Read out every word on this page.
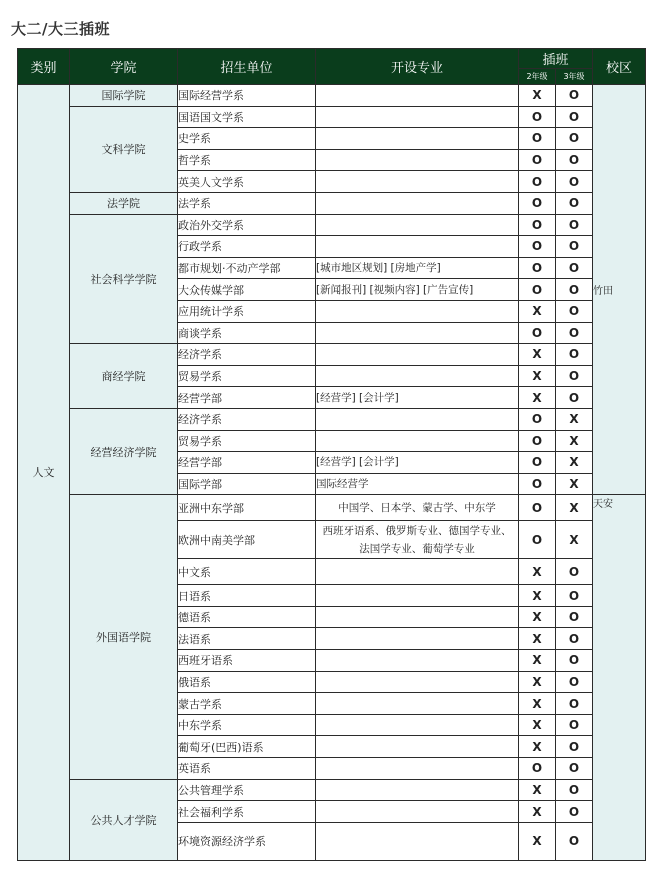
大二/大三插班
类别	学院	招生单位	开设专业	插班		校区
				2年级	3年级	
人文	国际学院	国际经营学系		X	O	竹田
	文科学院	国语国文学系		O	O	
		史学系		O	O	
		哲学系		O	O	
		英美人文学系		O	O	
	法学院	法学系		O	O	
	社会科学学院	政治外交学系		O	O	
		行政学系		O	O	
		都市规划·不动产学部	[城市地区规划] [房地产学]	O	O	
		大众传媒学部	[新闻报刊] [视频内容] [广告宣传]	O	O	
		应用统计学系		X	O	
		商谈学系		O	O	
	商经学院	经济学系		X	O	
		贸易学系		X	O	
		经营学部	[经营学] [会计学]	X	O	
	经营经济学院	经济学系		O	X	
		贸易学系		O	X	
		经营学部	[经营学] [会计学]	O	X	
		国际学部	国际经营学	O	X	
	外国语学院	亚洲中东学部	中国学、日本学、蒙古学、中东学	O	X	天安
		欧洲中南美学部	西班牙语系、俄罗斯专业、德国学专业、法国学专业、葡萄学专业	O	X	
		中文系		X	O	
		日语系		X	O	
		德语系		X	O	
		法语系		X	O	
		西班牙语系		X	O	
		俄语系		X	O	
		蒙古学系		X	O	
		中东学系		X	O	
		葡萄牙(巴西)语系		X	O	
		英语系		O	O	
	公共人才学院	公共管理学系		X	O	
		社会福利学系		X	O	
		环境资源经济学系		X	O	
